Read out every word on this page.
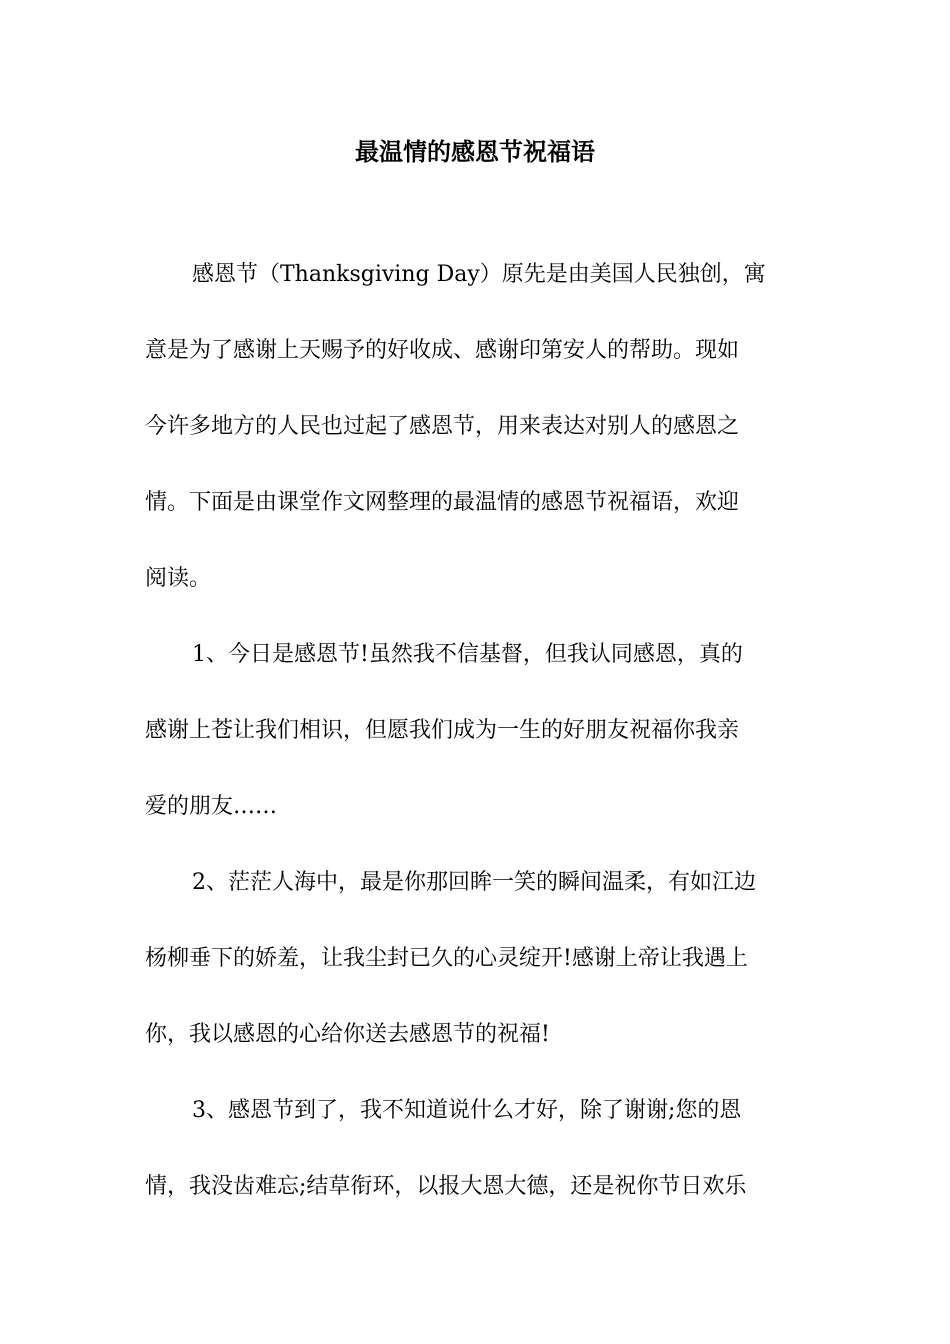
最温情的感恩节祝福语
感恩节（Thanksgiving Day）原先是由美国人民独创，寓
意是为了感谢上天赐予的好收成、感谢印第安人的帮助。现如
今许多地方的人民也过起了感恩节，用来表达对别人的感恩之
情。下面是由课堂作文网整理的最温情的感恩节祝福语，欢迎
阅读。
1、今日是感恩节!虽然我不信基督，但我认同感恩，真的
感谢上苍让我们相识，但愿我们成为一生的好朋友祝福你我亲
爱的朋友……
2、茫茫人海中，最是你那回眸一笑的瞬间温柔，有如江边
杨柳垂下的娇羞，让我尘封已久的心灵绽开!感谢上帝让我遇上
你，我以感恩的心给你送去感恩节的祝福!
3、感恩节到了，我不知道说什么才好，除了谢谢;您的恩
情，我没齿难忘;结草衔环，以报大恩大德，还是祝你节日欢乐
